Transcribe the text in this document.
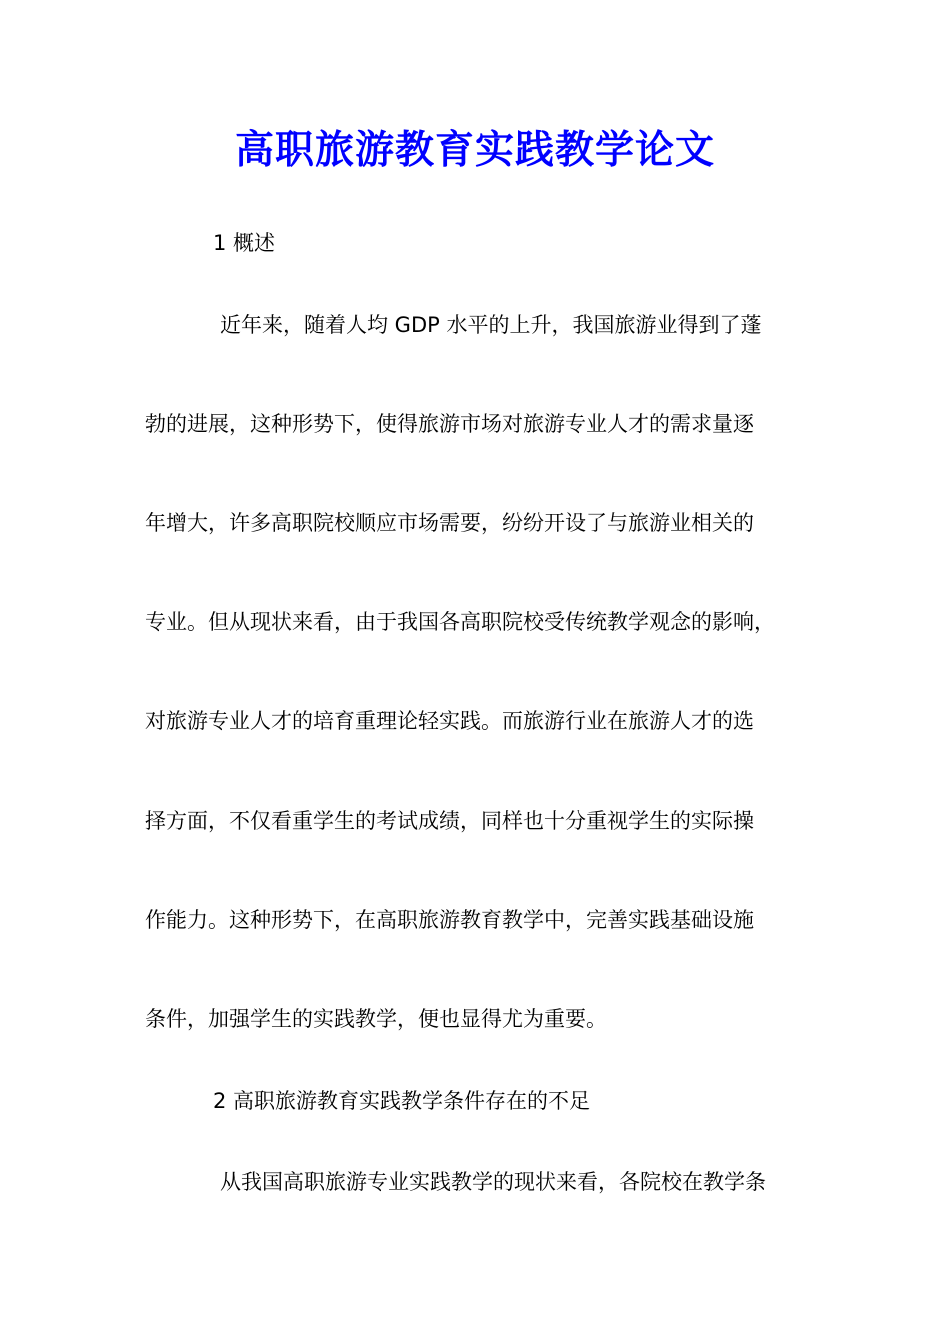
高职旅游教育实践教学论文
1 概述
近年来，随着人均 GDP 水平的上升，我国旅游业得到了蓬
勃的进展，这种形势下，使得旅游市场对旅游专业人才的需求量逐
年增大，许多高职院校顺应市场需要，纷纷开设了与旅游业相关的
专业。但从现状来看，由于我国各高职院校受传统教学观念的影响，
对旅游专业人才的培育重理论轻实践。而旅游行业在旅游人才的选
择方面，不仅看重学生的考试成绩，同样也十分重视学生的实际操
作能力。这种形势下，在高职旅游教育教学中，完善实践基础设施
条件，加强学生的实践教学，便也显得尤为重要。
2 高职旅游教育实践教学条件存在的不足
从我国高职旅游专业实践教学的现状来看，各院校在教学条
